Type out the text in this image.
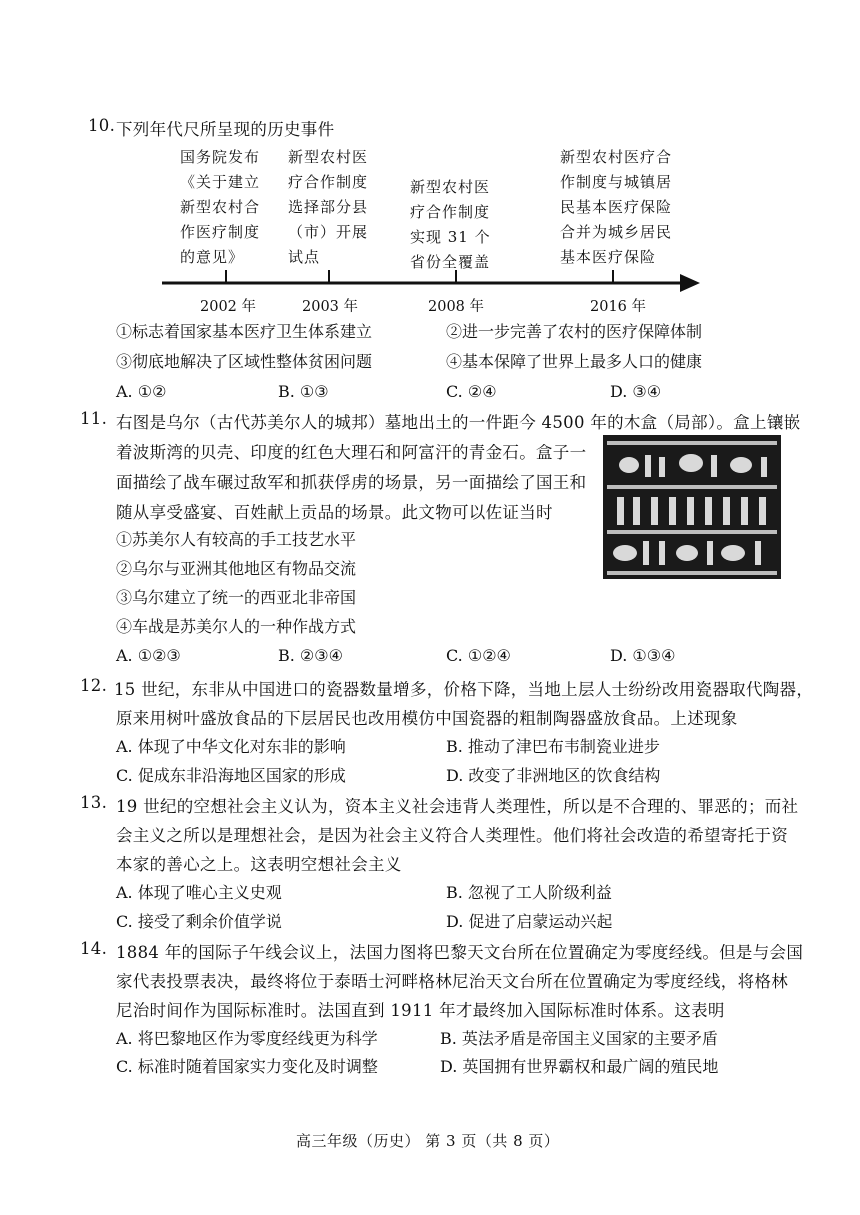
10. 下列年代尺所呈现的历史事件
国务院发布《关于建立新型农村合作医疗制度的意见》
新型农村医疗合作制度选择部分县（市）开展试点
新型农村医疗合作制度实现 31 个省份全覆盖
新型农村医疗合作制度与城镇居民基本医疗保险合并为城乡居民基本医疗保险
2002 年	2003 年	2008 年	2016 年
①标志着国家基本医疗卫生体系建立	②进一步完善了农村的医疗保障体制
③彻底地解决了区域性整体贫困问题	④基本保障了世界上最多人口的健康
A. ①②	B. ①③	C. ②④	D. ③④
11. 右图是乌尔（古代苏美尔人的城邦）墓地出土的一件距今 4500 年的木盒（局部）。盒上镶嵌
着波斯湾的贝壳、印度的红色大理石和阿富汗的青金石。盒子一
面描绘了战车碾过敌军和抓获俘虏的场景，另一面描绘了国王和
随从享受盛宴、百姓献上贡品的场景。此文物可以佐证当时
①苏美尔人有较高的手工技艺水平
②乌尔与亚洲其他地区有物品交流
③乌尔建立了统一的西亚北非帝国
④车战是苏美尔人的一种作战方式
A. ①②③	B. ②③④	C. ①②④	D. ①③④
12. 15 世纪，东非从中国进口的瓷器数量增多，价格下降，当地上层人士纷纷改用瓷器取代陶器，
原来用树叶盛放食品的下层居民也改用模仿中国瓷器的粗制陶器盛放食品。上述现象
A. 体现了中华文化对东非的影响	B. 推动了津巴布韦制瓷业进步
C. 促成东非沿海地区国家的形成	D. 改变了非洲地区的饮食结构
13. 19 世纪的空想社会主义认为，资本主义社会违背人类理性，所以是不合理的、罪恶的；而社
会主义之所以是理想社会，是因为社会主义符合人类理性。他们将社会改造的希望寄托于资
本家的善心之上。这表明空想社会主义
A. 体现了唯心主义史观	B. 忽视了工人阶级利益
C. 接受了剩余价值学说	D. 促进了启蒙运动兴起
14. 1884 年的国际子午线会议上，法国力图将巴黎天文台所在位置确定为零度经线。但是与会国
家代表投票表决，最终将位于泰晤士河畔格林尼治天文台所在位置确定为零度经线，将格林
尼治时间作为国际标准时。法国直到 1911 年才最终加入国际标准时体系。这表明
A. 将巴黎地区作为零度经线更为科学	B. 英法矛盾是帝国主义国家的主要矛盾
C. 标准时随着国家实力变化及时调整	D. 英国拥有世界霸权和最广阔的殖民地
高三年级（历史） 第 3 页（共 8 页）
